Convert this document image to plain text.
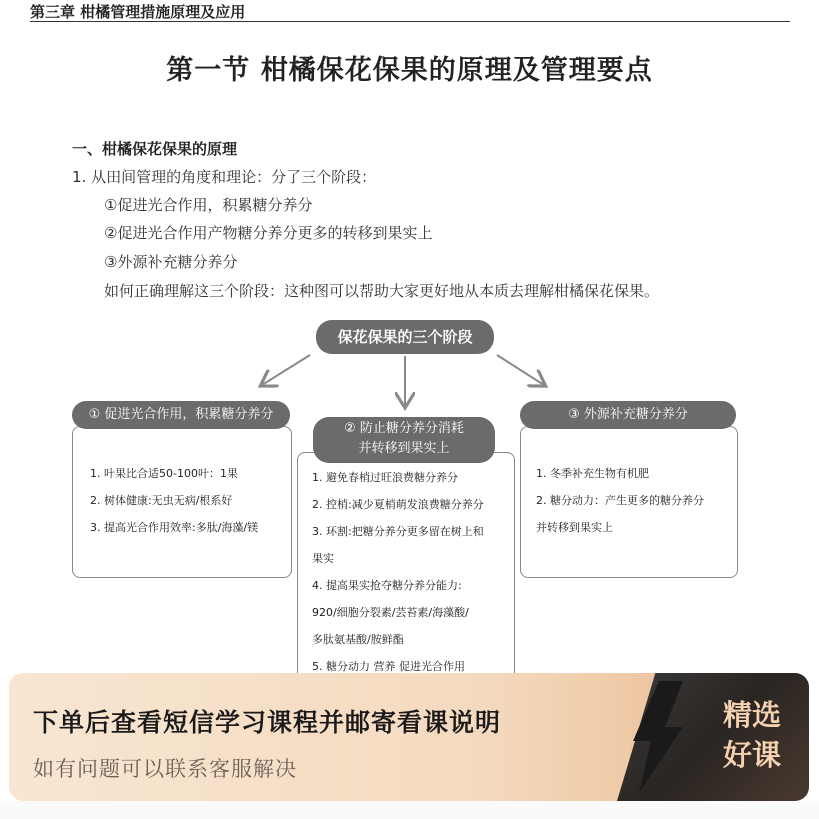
第三章 柑橘管理措施原理及应用
第一节 柑橘保花保果的原理及管理要点
一、柑橘保花保果的原理
1. 从田间管理的角度和理论：分了三个阶段：
①促进光合作用，积累糖分养分
②促进光合作用产物糖分养分更多的转移到果实上
③外源补充糖分养分
如何正确理解这三个阶段：这种图可以帮助大家更好地从本质去理解柑橘保花保果。
保花保果的三个阶段
① 促进光合作用，积累糖分养分
1. 叶果比合适50-100叶：1果
2. 树体健康:无虫无病/根系好
3. 提高光合作用效率:多肽/海藻/镁
② 防止糖分养分消耗
并转移到果实上
1. 避免春梢过旺浪费糖分养分
2. 控梢:减少夏梢萌发浪费糖分养分
3. 环割:把糖分养分更多留在树上和
果实
4. 提高果实抢夺糖分养分能力:
920/细胞分裂素/芸苔素/海藻酸/
多肽氨基酸/胺鲜酯
5. 糖分动力 营养 促进光合作用
③ 外源补充糖分养分
1. 冬季补充生物有机肥
2. 糖分动力：产生更多的糖分养分
并转移到果实上
下单后查看短信学习课程并邮寄看课说明
如有问题可以联系客服解决
精选
好课
